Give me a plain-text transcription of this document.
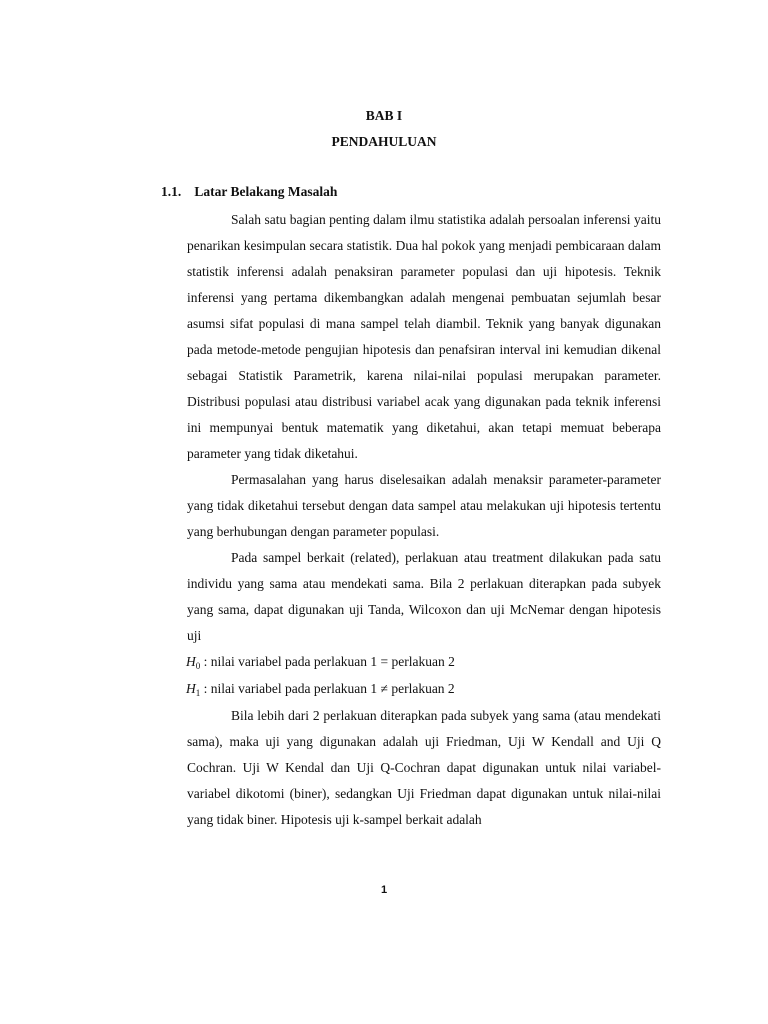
BAB I
PENDAHULUAN
1.1. Latar Belakang Masalah

Salah satu bagian penting dalam ilmu statistika adalah persoalan inferensi yaitu penarikan kesimpulan secara statistik. Dua hal pokok yang menjadi pembicaraan dalam statistik inferensi adalah penaksiran parameter populasi dan uji hipotesis. Teknik inferensi yang pertama dikembangkan adalah mengenai pembuatan sejumlah besar asumsi sifat populasi di mana sampel telah diambil. Teknik yang banyak digunakan pada metode-metode pengujian hipotesis dan penafsiran interval ini kemudian dikenal sebagai Statistik Parametrik, karena nilai-nilai populasi merupakan parameter. Distribusi populasi atau distribusi variabel acak yang digunakan pada teknik inferensi ini mempunyai bentuk matematik yang diketahui, akan tetapi memuat beberapa parameter yang tidak diketahui.

Permasalahan yang harus diselesaikan adalah menaksir parameter-parameter yang tidak diketahui tersebut dengan data sampel atau melakukan uji hipotesis tertentu yang berhubungan dengan parameter populasi.

Pada sampel berkait (related), perlakuan atau treatment dilakukan pada satu individu yang sama atau mendekati sama. Bila 2 perlakuan diterapkan pada subyek yang sama, dapat digunakan uji Tanda, Wilcoxon dan uji McNemar dengan hipotesis uji

$H_0$ : nilai variabel pada perlakuan 1 = perlakuan 2
$H_1$ : nilai variabel pada perlakuan 1 ≠ perlakuan 2

Bila lebih dari 2 perlakuan diterapkan pada subyek yang sama (atau mendekati sama), maka uji yang digunakan adalah uji Friedman, Uji W Kendall and Uji Q Cochran. Uji W Kendal dan Uji Q-Cochran dapat digunakan untuk nilai variabel-variabel dikotomi (biner), sedangkan Uji Friedman dapat digunakan untuk nilai-nilai yang tidak biner. Hipotesis uji k-sampel berkait adalah

1
